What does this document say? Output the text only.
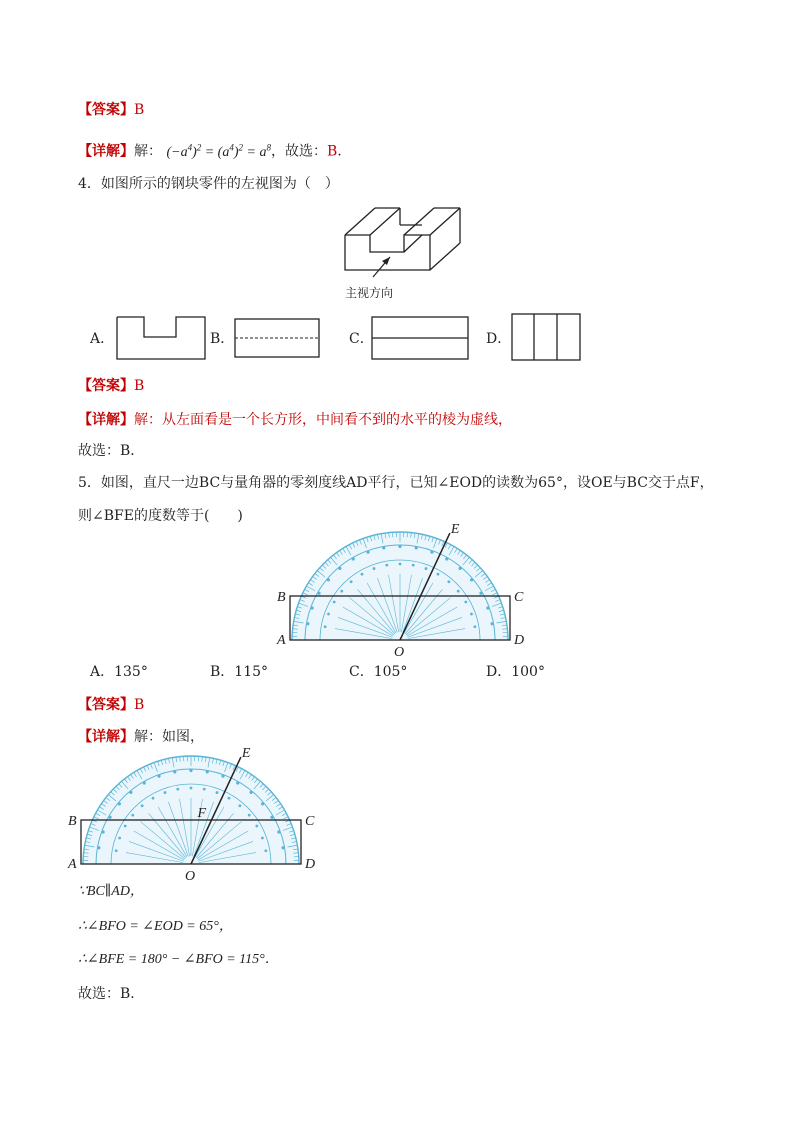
【答案】B
【详解】解： $(-a^4)^2 = (a^4)^2 = a^8$，故选：B.
4．如图所示的钢块零件的左视图为（　）
主视方向
A．	B．	C．	D．
【答案】B
【详解】解：从左面看是一个长方形，中间看不到的水平的棱为虚线，
故选：B．
5．如图，直尺一边BC与量角器的零刻度线AD平行，已知∠EOD的读数为65°，设OE与BC交于点F，
则∠BFE的度数等于(　　)
B	C
A	D
O
E
A．135°	B．115°	C．105°	D．100°
【答案】B
【详解】解：如图，
B	C
A	D
O
E
F
∵BC∥AD，
∴∠BFO = ∠EOD = 65°，
∴∠BFE = 180° − ∠BFO = 115°．
故选：B．
